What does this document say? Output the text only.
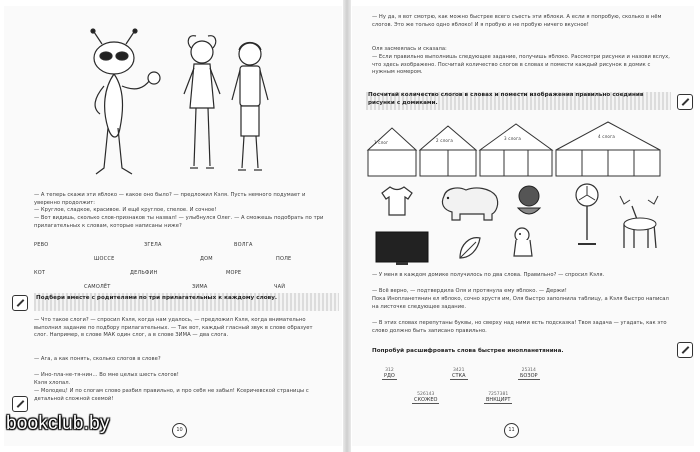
— А теперь скажи эти яблоко — какое оно было? — предложил Кэля. Пусть немного подумает и уверенно продолжит:
— Круглое, сладкое, красивое. И ещё круглое, спелое. И сочное!
— Вот видишь, сколько слов-признаков ты назвал! — улыбнулся Олег. — А сможешь подобрать по три прилагательных к словам, которые написаны ниже?
РЕВО	ЗГЕЛА	ВОЛГА
ШОССЕ	ДОМ	ПОЛЕ
КОТ	ДЕЛЬФИН	МОРЕ
САМОЛЁТ	ЗИМА	ЧАЙ
Подбери вместе с родителями по три прилагательных к каждому слову.
— Что такое слоги? — спросил Кэля, когда нам удалось, — предложил Кэля, когда внимательно выполнил задание по подбору прилагательных. — Так вот, каждый гласный звук в слове образует слог. Например, в слове МАК один слог, а в слове ЗИМА — два слога.
— Ага, а как понять, сколько слогов в слове?
— Ино-пла-не-тя-нин... Во мне целых шесть слогов!
Кэля хлопал.
— Молодец! И по слогам слово разбил правильно, и про себя не забыл! Ксеричевской страницы с детальной сложной схемой!
10
— Ну да, я вот смотрю, как можно быстрее всего съесть эти яблоки. А если я попробую, сколько в нём слогов. Это же только одно яблоко! И я пробую и не пробую ничего вкусное!
Оля засмеялась и сказала:
— Если правильно выполнишь следующее задание, получишь яблоко. Рассмотри рисунки и назови вслух, что здесь изображено. Посчитай количество слогов в словах и помести каждый рисунок в домик с нужным номером.
Посчитай количество слогов в словах и помести изображения правильно соединив рисунки с домиками.
1 слог	2 слога	3 слога	4 слога
— У меня в каждом домике получилось по два слова. Правильно? — спросил Кэля.
— Всё верно, — подтвердила Оля и протянула ему яблоко. — Держи!
Пока Инопланетянин ел яблоко, сочно хрустя им, Оля быстро заполнила таблицу, а Кэля быстро написал на листочке следующее задание.
— В этих словах перепутаны буквы, но сверху над ними есть подсказка! Твоя задача — угадать, как это слово должно быть записано правильно.
Попробуй расшифровать слова быстрее инопланетянина.
312
РДО
3421
СТКА
25314
БОЗОР
526143
СКОЖЕО
7257381
ВНКЦИРТ
11
bookclub.by
